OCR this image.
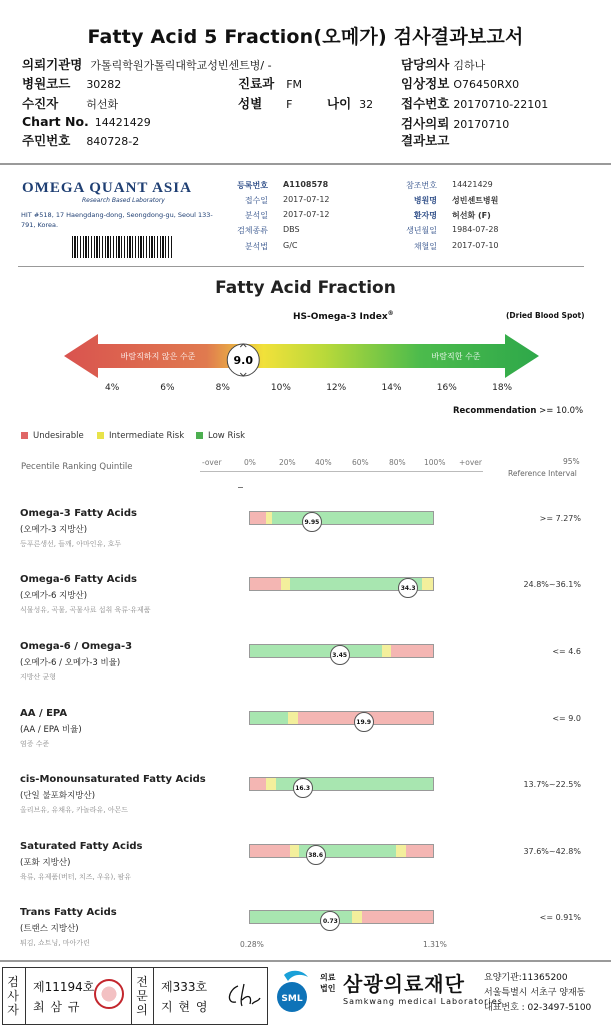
Fatty Acid 5 Fraction(오메가) 검사결과보고서
의뢰기관명 가톨릭학원가톨릭대학교성빈센트병/ -
병원코드 30282
수진자	허선화
Chart No. 14421429
주민번호 840728-2
진료과 FM
성별 F	나이 32
담당의사 김하나
임상정보 O76450RX0
접수번호 20170710-22101
검사의뢰 20170710
결과보고
OMEGA QUANT ASIA
Research Based Laboratory
HIT #518, 17 Haengdang-dong, Seongdong-gu, Seoul 133-791, Korea.
등록번호 A1108578
접수일 2017-07-12
분석일 2017-07-12
검체종류 DBS
분석법 G/C
참조번호 14421429
병원명 성빈센트병원
환자명 허선화 (F)
생년월일 1984-07-28
채혈일 2017-07-10
Fatty Acid Fraction
HS-Omega-3 Index®	(Dried Blood Spot)
바람직하지 않은 수준	바람직한 수준
9.0
4%	6%	8%	10%	12%	14%	16%	18%
Recommendation >= 10.0%
Undesirable	Intermediate Risk	Low Risk
Pecentile Ranking Quintile	-over	0%	20%	40%	60%	80% 100% +over	95%
Reference Interval
Omega-3 Fatty Acids
(오메가-3 지방산)
등푸른생선, 들깨, 아마인유, 호두
9.95	>= 7.27%
Omega-6 Fatty Acids
(오메가-6 지방산)
식물성유, 곡물, 곡물사료 섭취 육류·유제품
34.3	24.8%~36.1%
Omega-6 / Omega-3
(오메가-6 / 오메가-3 비율)
지방산 균형
3.45	<= 4.6
AA / EPA
(AA / EPA 비율)
염증 수준
19.9	<= 9.0
cis-Monounsaturated Fatty Acids
(단일 불포화지방산)
올리브유, 유채유, 카놀라유, 아몬드
16.3	13.7%~22.5%
Saturated Fatty Acids
(포화 지방산)
육류, 유제품(버터, 치즈, 우유), 팜유
38.6	37.6%~42.8%
Trans Fatty Acids
(트랜스 지방산)
튀김, 쇼트닝, 마아가린
0.73	<= 0.91%
0.28%	1.31%
검사자
제11194호
최 삼 규
전문의
제333호
지 현 영
SML
의료법인 삼광의료재단
Samkwang medical Laboratories
요양기관:11365200
서울특별시 서초구 양재동
대표번호 : 02-3497-5100
